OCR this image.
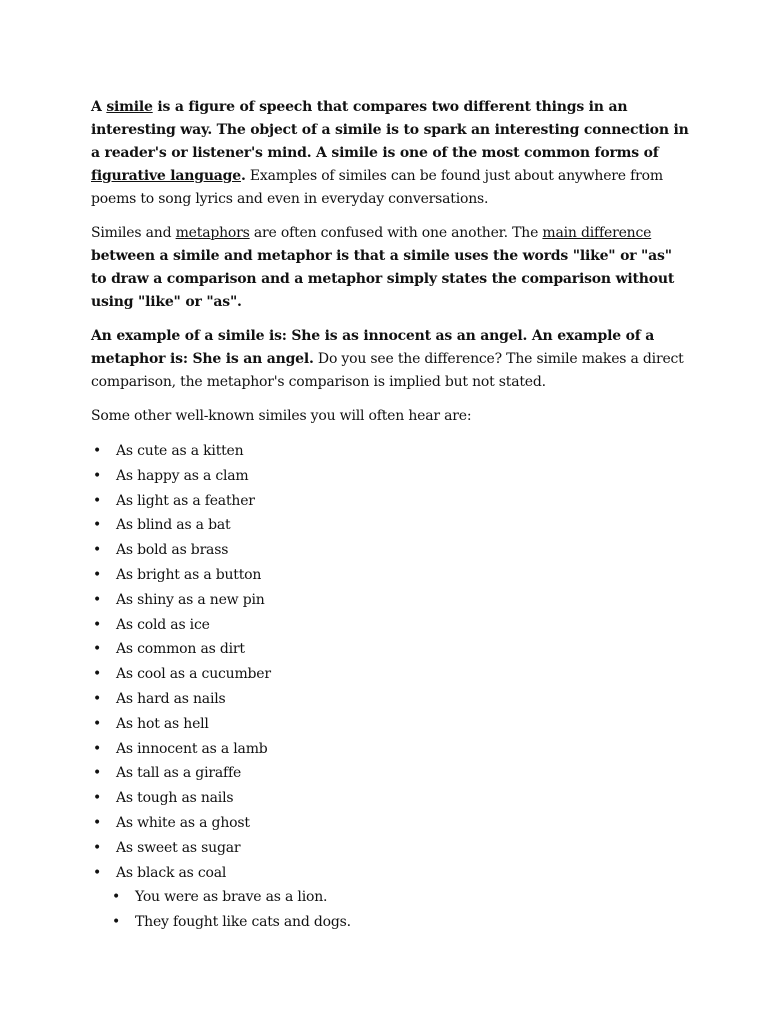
A simile is a figure of speech that compares two different things in an interesting way. The object of a simile is to spark an interesting connection in a reader's or listener's mind. A simile is one of the most common forms of figurative language. Examples of similes can be found just about anywhere from poems to song lyrics and even in everyday conversations.

Similes and metaphors are often confused with one another. The main difference between a simile and metaphor is that a simile uses the words "like" or "as" to draw a comparison and a metaphor simply states the comparison without using "like" or "as".

An example of a simile is: She is as innocent as an angel. An example of a metaphor is: She is an angel. Do you see the difference? The simile makes a direct comparison, the metaphor's comparison is implied but not stated.

Some other well-known similes you will often hear are:

• As cute as a kitten
• As happy as a clam
• As light as a feather
• As blind as a bat
• As bold as brass
• As bright as a button
• As shiny as a new pin
• As cold as ice
• As common as dirt
• As cool as a cucumber
• As hard as nails
• As hot as hell
• As innocent as a lamb
• As tall as a giraffe
• As tough as nails
• As white as a ghost
• As sweet as sugar
• As black as coal
• You were as brave as a lion.
• They fought like cats and dogs.
